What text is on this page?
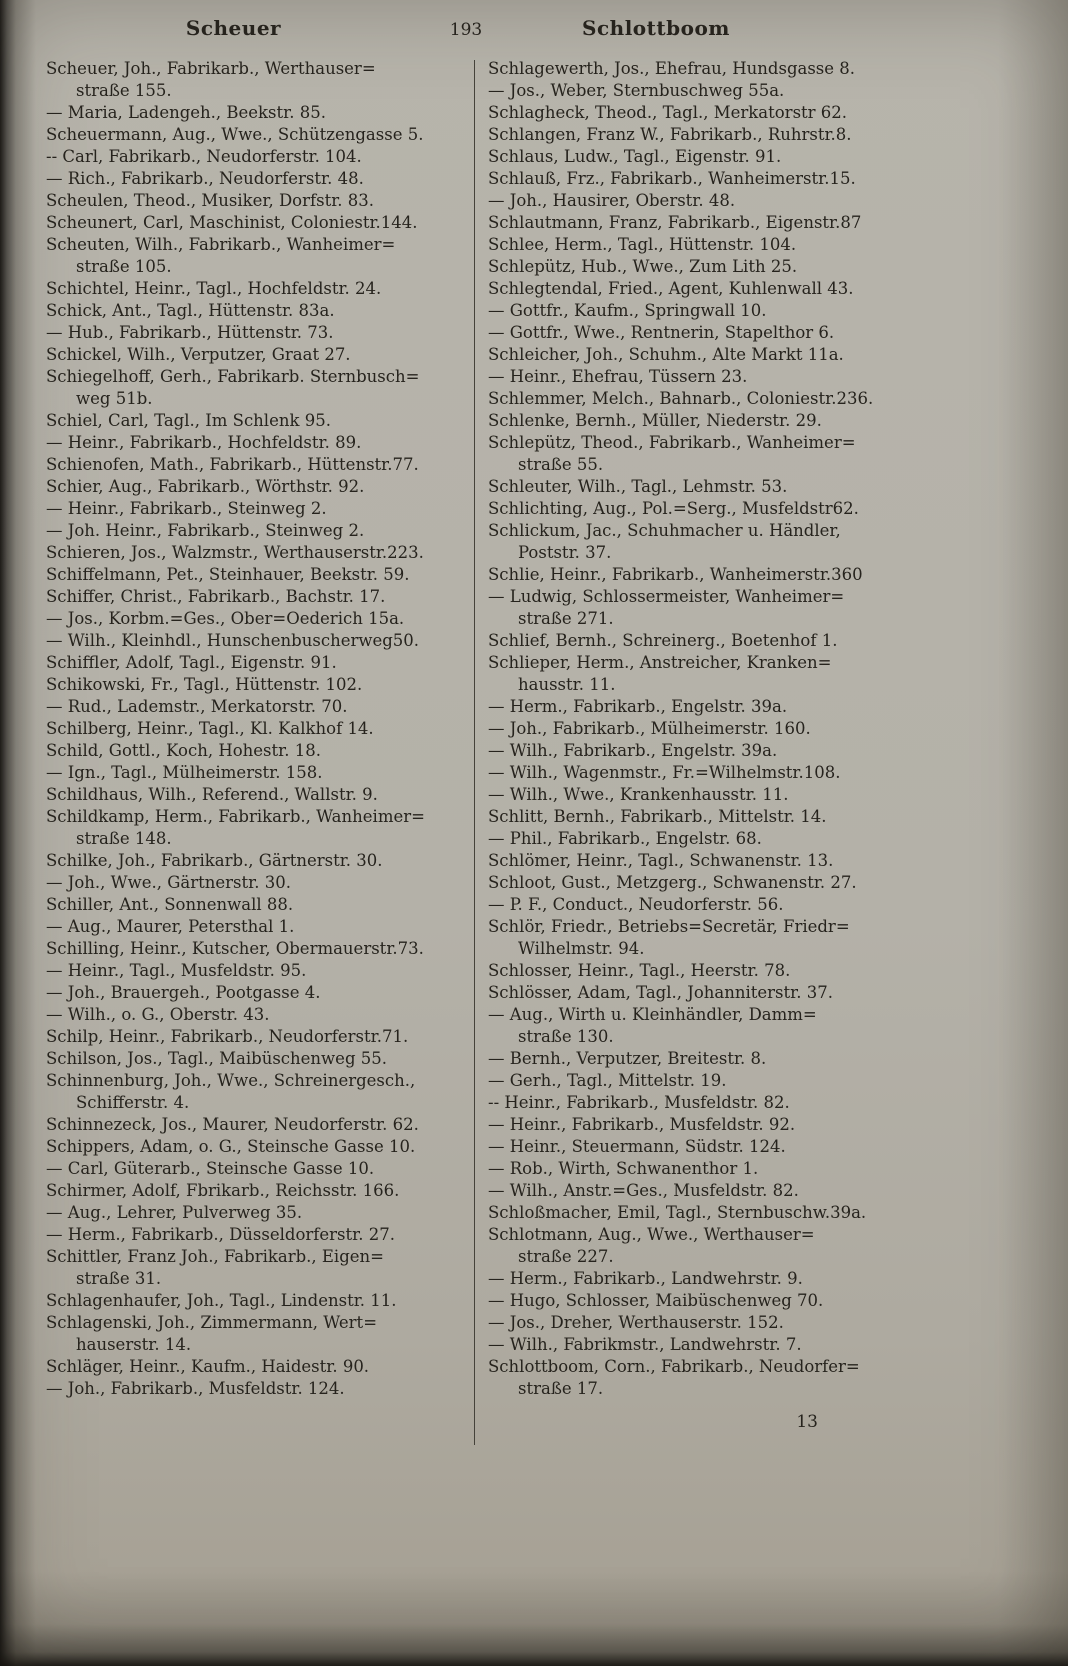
Scheuer	193	Schlottboom

Scheuer, Joh., Fabrikarb., Werthauser=

straße 155.

— Maria, Ladengeh., Beekstr. 85.

Scheuermann, Aug., Wwe., Schützengasse 5.

-- Carl, Fabrikarb., Neudorferstr. 104.

— Rich., Fabrikarb., Neudorferstr. 48.

Scheulen, Theod., Musiker, Dorfstr. 83.

Scheunert, Carl, Maschinist, Coloniestr.144.

Scheuten, Wilh., Fabrikarb., Wanheimer=

straße 105.

Schichtel, Heinr., Tagl., Hochfeldstr. 24.

Schick, Ant., Tagl., Hüttenstr. 83a.

— Hub., Fabrikarb., Hüttenstr. 73.

Schickel, Wilh., Verputzer, Graat 27.

Schiegelhoff, Gerh., Fabrikarb. Sternbusch=

weg 51b.

Schiel, Carl, Tagl., Im Schlenk 95.

— Heinr., Fabrikarb., Hochfeldstr. 89.

Schienofen, Math., Fabrikarb., Hüttenstr.77.

Schier, Aug., Fabrikarb., Wörthstr. 92.

— Heinr., Fabrikarb., Steinweg 2.

— Joh. Heinr., Fabrikarb., Steinweg 2.

Schieren, Jos., Walzmstr., Werthauserstr.223.

Schiffelmann, Pet., Steinhauer, Beekstr. 59.

Schiffer, Christ., Fabrikarb., Bachstr. 17.

— Jos., Korbm.=Ges., Ober=Oederich 15a.

— Wilh., Kleinhdl., Hunschenbuscherweg50.

Schiffler, Adolf, Tagl., Eigenstr. 91.

Schikowski, Fr., Tagl., Hüttenstr. 102.

— Rud., Lademstr., Merkatorstr. 70.

Schilberg, Heinr., Tagl., Kl. Kalkhof 14.

Schild, Gottl., Koch, Hohestr. 18.

— Ign., Tagl., Mülheimerstr. 158.

Schildhaus, Wilh., Referend., Wallstr. 9.

Schildkamp, Herm., Fabrikarb., Wanheimer=

straße 148.

Schilke, Joh., Fabrikarb., Gärtnerstr. 30.

— Joh., Wwe., Gärtnerstr. 30.

Schiller, Ant., Sonnenwall 88.

— Aug., Maurer, Petersthal 1.

Schilling, Heinr., Kutscher, Obermauerstr.73.

— Heinr., Tagl., Musfeldstr. 95.

— Joh., Brauergeh., Pootgasse 4.

— Wilh., o. G., Oberstr. 43.

Schilp, Heinr., Fabrikarb., Neudorferstr.71.

Schilson, Jos., Tagl., Maibüschenweg 55.

Schinnenburg, Joh., Wwe., Schreinergesch.,

Schifferstr. 4.

Schinnezeck, Jos., Maurer, Neudorferstr. 62.

Schippers, Adam, o. G., Steinsche Gasse 10.

— Carl, Güterarb., Steinsche Gasse 10.

Schirmer, Adolf, Fbrikarb., Reichsstr. 166.

— Aug., Lehrer, Pulverweg 35.

— Herm., Fabrikarb., Düsseldorferstr. 27.

Schittler, Franz Joh., Fabrikarb., Eigen=

straße 31.

Schlagenhaufer, Joh., Tagl., Lindenstr. 11.

Schlagenski, Joh., Zimmermann, Wert=

hauserstr. 14.

Schläger, Heinr., Kaufm., Haidestr. 90.

— Joh., Fabrikarb., Musfeldstr. 124.

Schlagewerth, Jos., Ehefrau, Hundsgasse 8.

— Jos., Weber, Sternbuschweg 55a.

Schlagheck, Theod., Tagl., Merkatorstr 62.

Schlangen, Franz W., Fabrikarb., Ruhrstr.8.

Schlaus, Ludw., Tagl., Eigenstr. 91.

Schlauß, Frz., Fabrikarb., Wanheimerstr.15.

— Joh., Hausirer, Oberstr. 48.

Schlautmann, Franz, Fabrikarb., Eigenstr.87

Schlee, Herm., Tagl., Hüttenstr. 104.

Schlepütz, Hub., Wwe., Zum Lith 25.

Schlegtendal, Fried., Agent, Kuhlenwall 43.

— Gottfr., Kaufm., Springwall 10.

— Gottfr., Wwe., Rentnerin, Stapelthor 6.

Schleicher, Joh., Schuhm., Alte Markt 11a.

— Heinr., Ehefrau, Tüssern 23.

Schlemmer, Melch., Bahnarb., Coloniestr.236.

Schlenke, Bernh., Müller, Niederstr. 29.

Schlepütz, Theod., Fabrikarb., Wanheimer=

straße 55.

Schleuter, Wilh., Tagl., Lehmstr. 53.

Schlichting, Aug., Pol.=Serg., Musfeldstr62.

Schlickum, Jac., Schuhmacher u. Händler,

Poststr. 37.

Schlie, Heinr., Fabrikarb., Wanheimerstr.360

— Ludwig, Schlossermeister, Wanheimer=

straße 271.

Schlief, Bernh., Schreinerg., Boetenhof 1.

Schlieper, Herm., Anstreicher, Kranken=

hausstr. 11.

— Herm., Fabrikarb., Engelstr. 39a.

— Joh., Fabrikarb., Mülheimerstr. 160.

— Wilh., Fabrikarb., Engelstr. 39a.

— Wilh., Wagenmstr., Fr.=Wilhelmstr.108.

— Wilh., Wwe., Krankenhausstr. 11.

Schlitt, Bernh., Fabrikarb., Mittelstr. 14.

— Phil., Fabrikarb., Engelstr. 68.

Schlömer, Heinr., Tagl., Schwanenstr. 13.

Schloot, Gust., Metzgerg., Schwanenstr. 27.

— P. F., Conduct., Neudorferstr. 56.

Schlör, Friedr., Betriebs=Secretär, Friedr=

Wilhelmstr. 94.

Schlosser, Heinr., Tagl., Heerstr. 78.

Schlösser, Adam, Tagl., Johanniterstr. 37.

— Aug., Wirth u. Kleinhändler, Damm=

straße 130.

— Bernh., Verputzer, Breitestr. 8.

— Gerh., Tagl., Mittelstr. 19.

-- Heinr., Fabrikarb., Musfeldstr. 82.

— Heinr., Fabrikarb., Musfeldstr. 92.

— Heinr., Steuermann, Südstr. 124.

— Rob., Wirth, Schwanenthor 1.

— Wilh., Anstr.=Ges., Musfeldstr. 82.

Schloßmacher, Emil, Tagl., Sternbuschw.39a.

Schlotmann, Aug., Wwe., Werthauser=

straße 227.

— Herm., Fabrikarb., Landwehrstr. 9.

— Hugo, Schlosser, Maibüschenweg 70.

— Jos., Dreher, Werthauserstr. 152.

— Wilh., Fabrikmstr., Landwehrstr. 7.

Schlottboom, Corn., Fabrikarb., Neudorfer=

straße 17.

13
